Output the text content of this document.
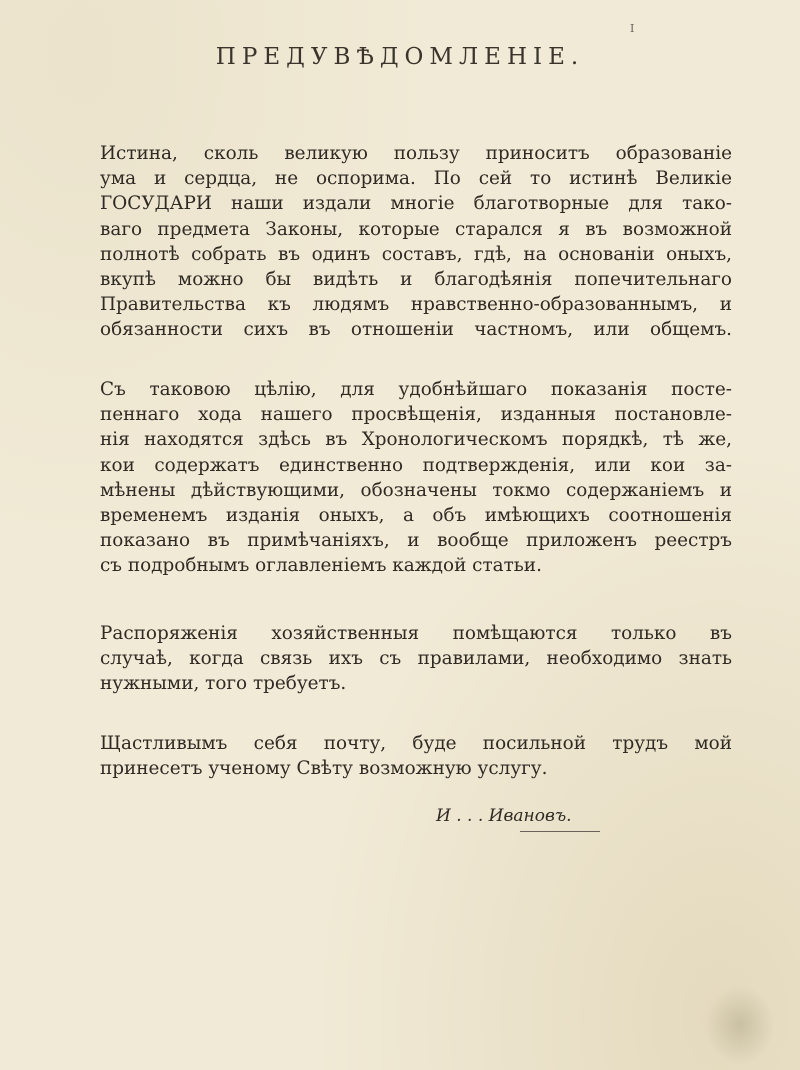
I
ПРЕДУВѢДОМЛЕНІЕ.
Истина, сколь великую пользу приноситъ образованіе
ума и сердца, не оспорима. По сей то истинѣ Великіе
ГОСУДАРИ наши издали многіе благотворные для тако-
ваго предмета Законы, которые старался я въ возможной
полнотѣ собрать въ одинъ составъ, гдѣ, на основаніи оныхъ,
вкупѣ можно бы видѣть и благодѣянія попечительнаго
Правительства къ людямъ нравственно-образованнымъ, и
обязанности сихъ въ отношеніи частномъ, или общемъ.
Съ таковою цѣлію, для удобнѣйшаго показанія посте-
пеннаго хода нашего просвѣщенія, изданныя постановле-
нія находятся здѣсь въ Хронологическомъ порядкѣ, тѣ же,
кои содержатъ единственно подтвержденія, или кои за-
мѣнены дѣйствующими, обозначены токмо содержаніемъ и
временемъ изданія оныхъ, а объ имѣющихъ соотношенія
показано въ примѣчаніяхъ, и вообще приложенъ реестръ
съ подробнымъ оглавленіемъ каждой статьи.
Распоряженія хозяйственныя помѣщаются только въ
случаѣ, когда связь ихъ съ правилами, необходимо знать
нужными, того требуетъ.
Щастливымъ себя почту, буде посильной трудъ мой
принесетъ ученому Свѣту возможную услугу.
И . . . Ивановъ.
